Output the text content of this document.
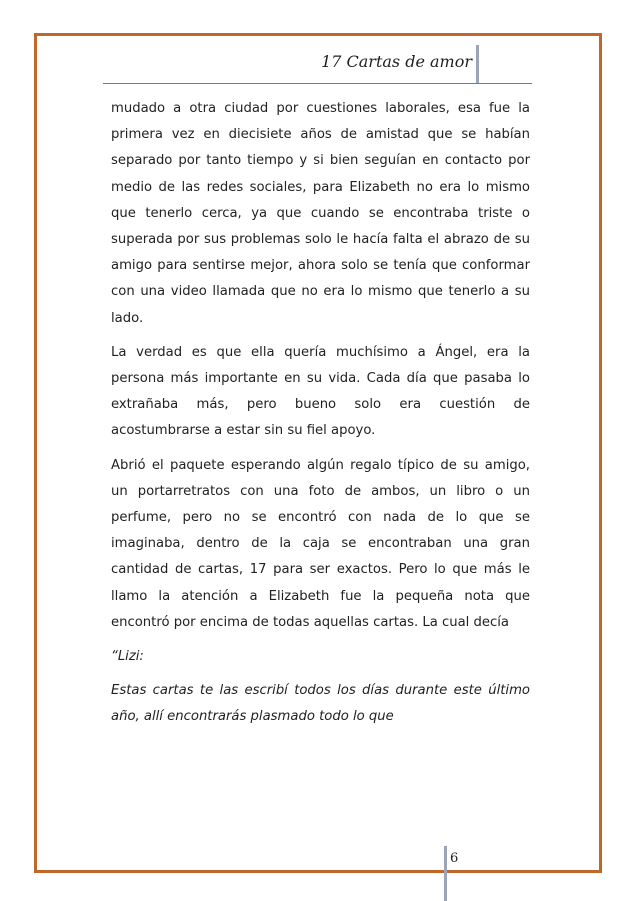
17 Cartas de amor

mudado a otra ciudad por cuestiones laborales, esa fue la primera vez en diecisiete años de amistad que se habían separado por tanto tiempo y si bien seguían en contacto por medio de las redes sociales, para Elizabeth no era lo mismo que tenerlo cerca, ya que cuando se encontraba triste o superada por sus problemas solo le hacía falta el abrazo de su amigo para sentirse mejor, ahora solo se tenía que conformar con una video llamada que no era lo mismo que tenerlo a su lado.

La verdad es que ella quería muchísimo a Ángel, era la persona más importante en su vida. Cada día que pasaba lo extrañaba más, pero bueno solo era cuestión de acostumbrarse a estar sin su fiel apoyo.

Abrió el paquete esperando algún regalo típico de su amigo, un portarretratos con una foto de ambos, un libro o un perfume, pero no se encontró con nada de lo que se imaginaba, dentro de la caja se encontraban una gran cantidad de cartas, 17 para ser exactos. Pero lo que más le llamo la atención a Elizabeth fue la pequeña nota que encontró por encima de todas aquellas cartas. La cual decía

“Lizi:

Estas cartas te las escribí todos los días durante este último año, allí encontrarás plasmado todo lo que

6
